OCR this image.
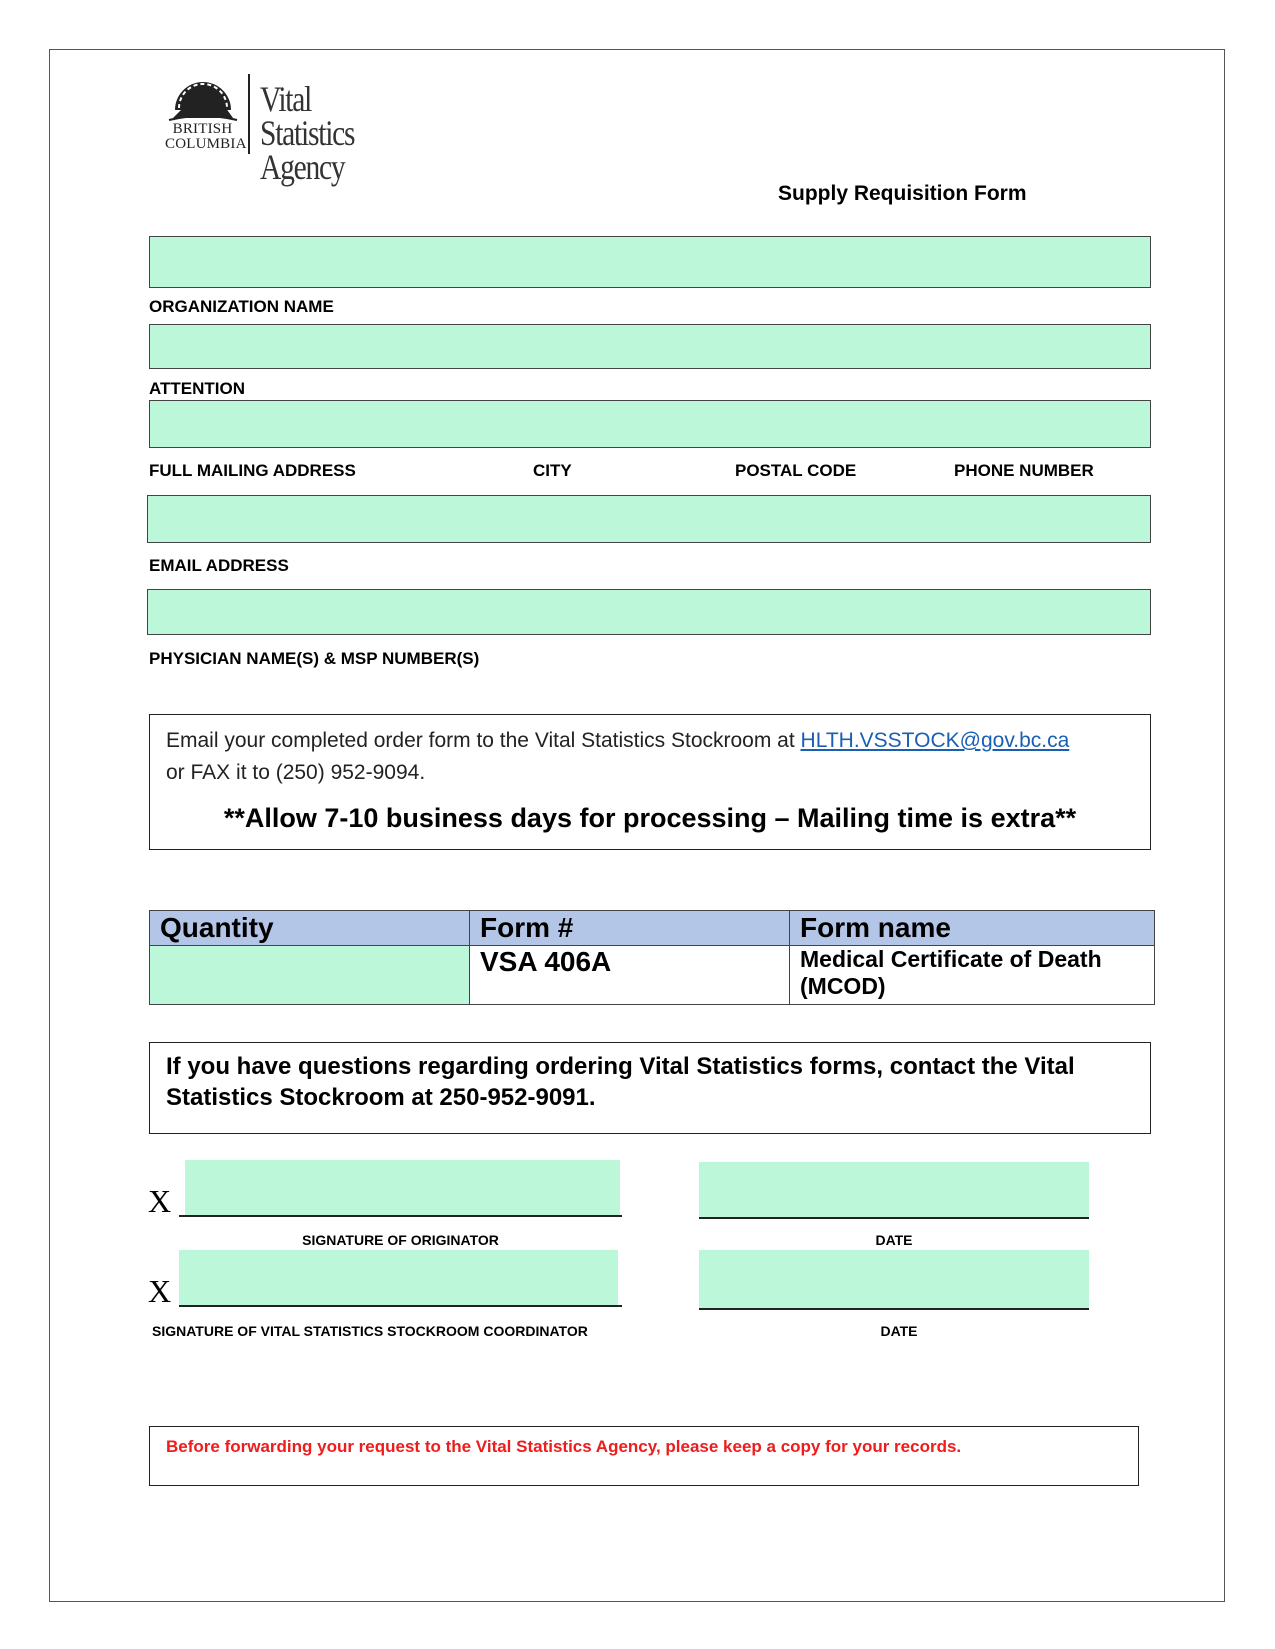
BRITISH
COLUMBIA
Vital Statistics
Agency
Supply Requisition Form
ORGANIZATION NAME
ATTENTION
FULL MAILING ADDRESS	CITY	POSTAL CODE	PHONE NUMBER
EMAIL ADDRESS
PHYSICIAN NAME(S) & MSP NUMBER(S)
Email your completed order form to the Vital Statistics Stockroom at HLTH.VSSTOCK@gov.bc.ca
or FAX it to (250) 952-9094.
**Allow 7-10 business days for processing – Mailing time is extra**
Quantity	Form #	Form name
	VSA 406A	Medical Certificate of Death (MCOD)
If you have questions regarding ordering Vital Statistics forms, contact the Vital Statistics Stockroom at 250-952-9091.
X
SIGNATURE OF ORIGINATOR	DATE
X
SIGNATURE OF VITAL STATISTICS STOCKROOM COORDINATOR	DATE
Before forwarding your request to the Vital Statistics Agency, please keep a copy for your records.
